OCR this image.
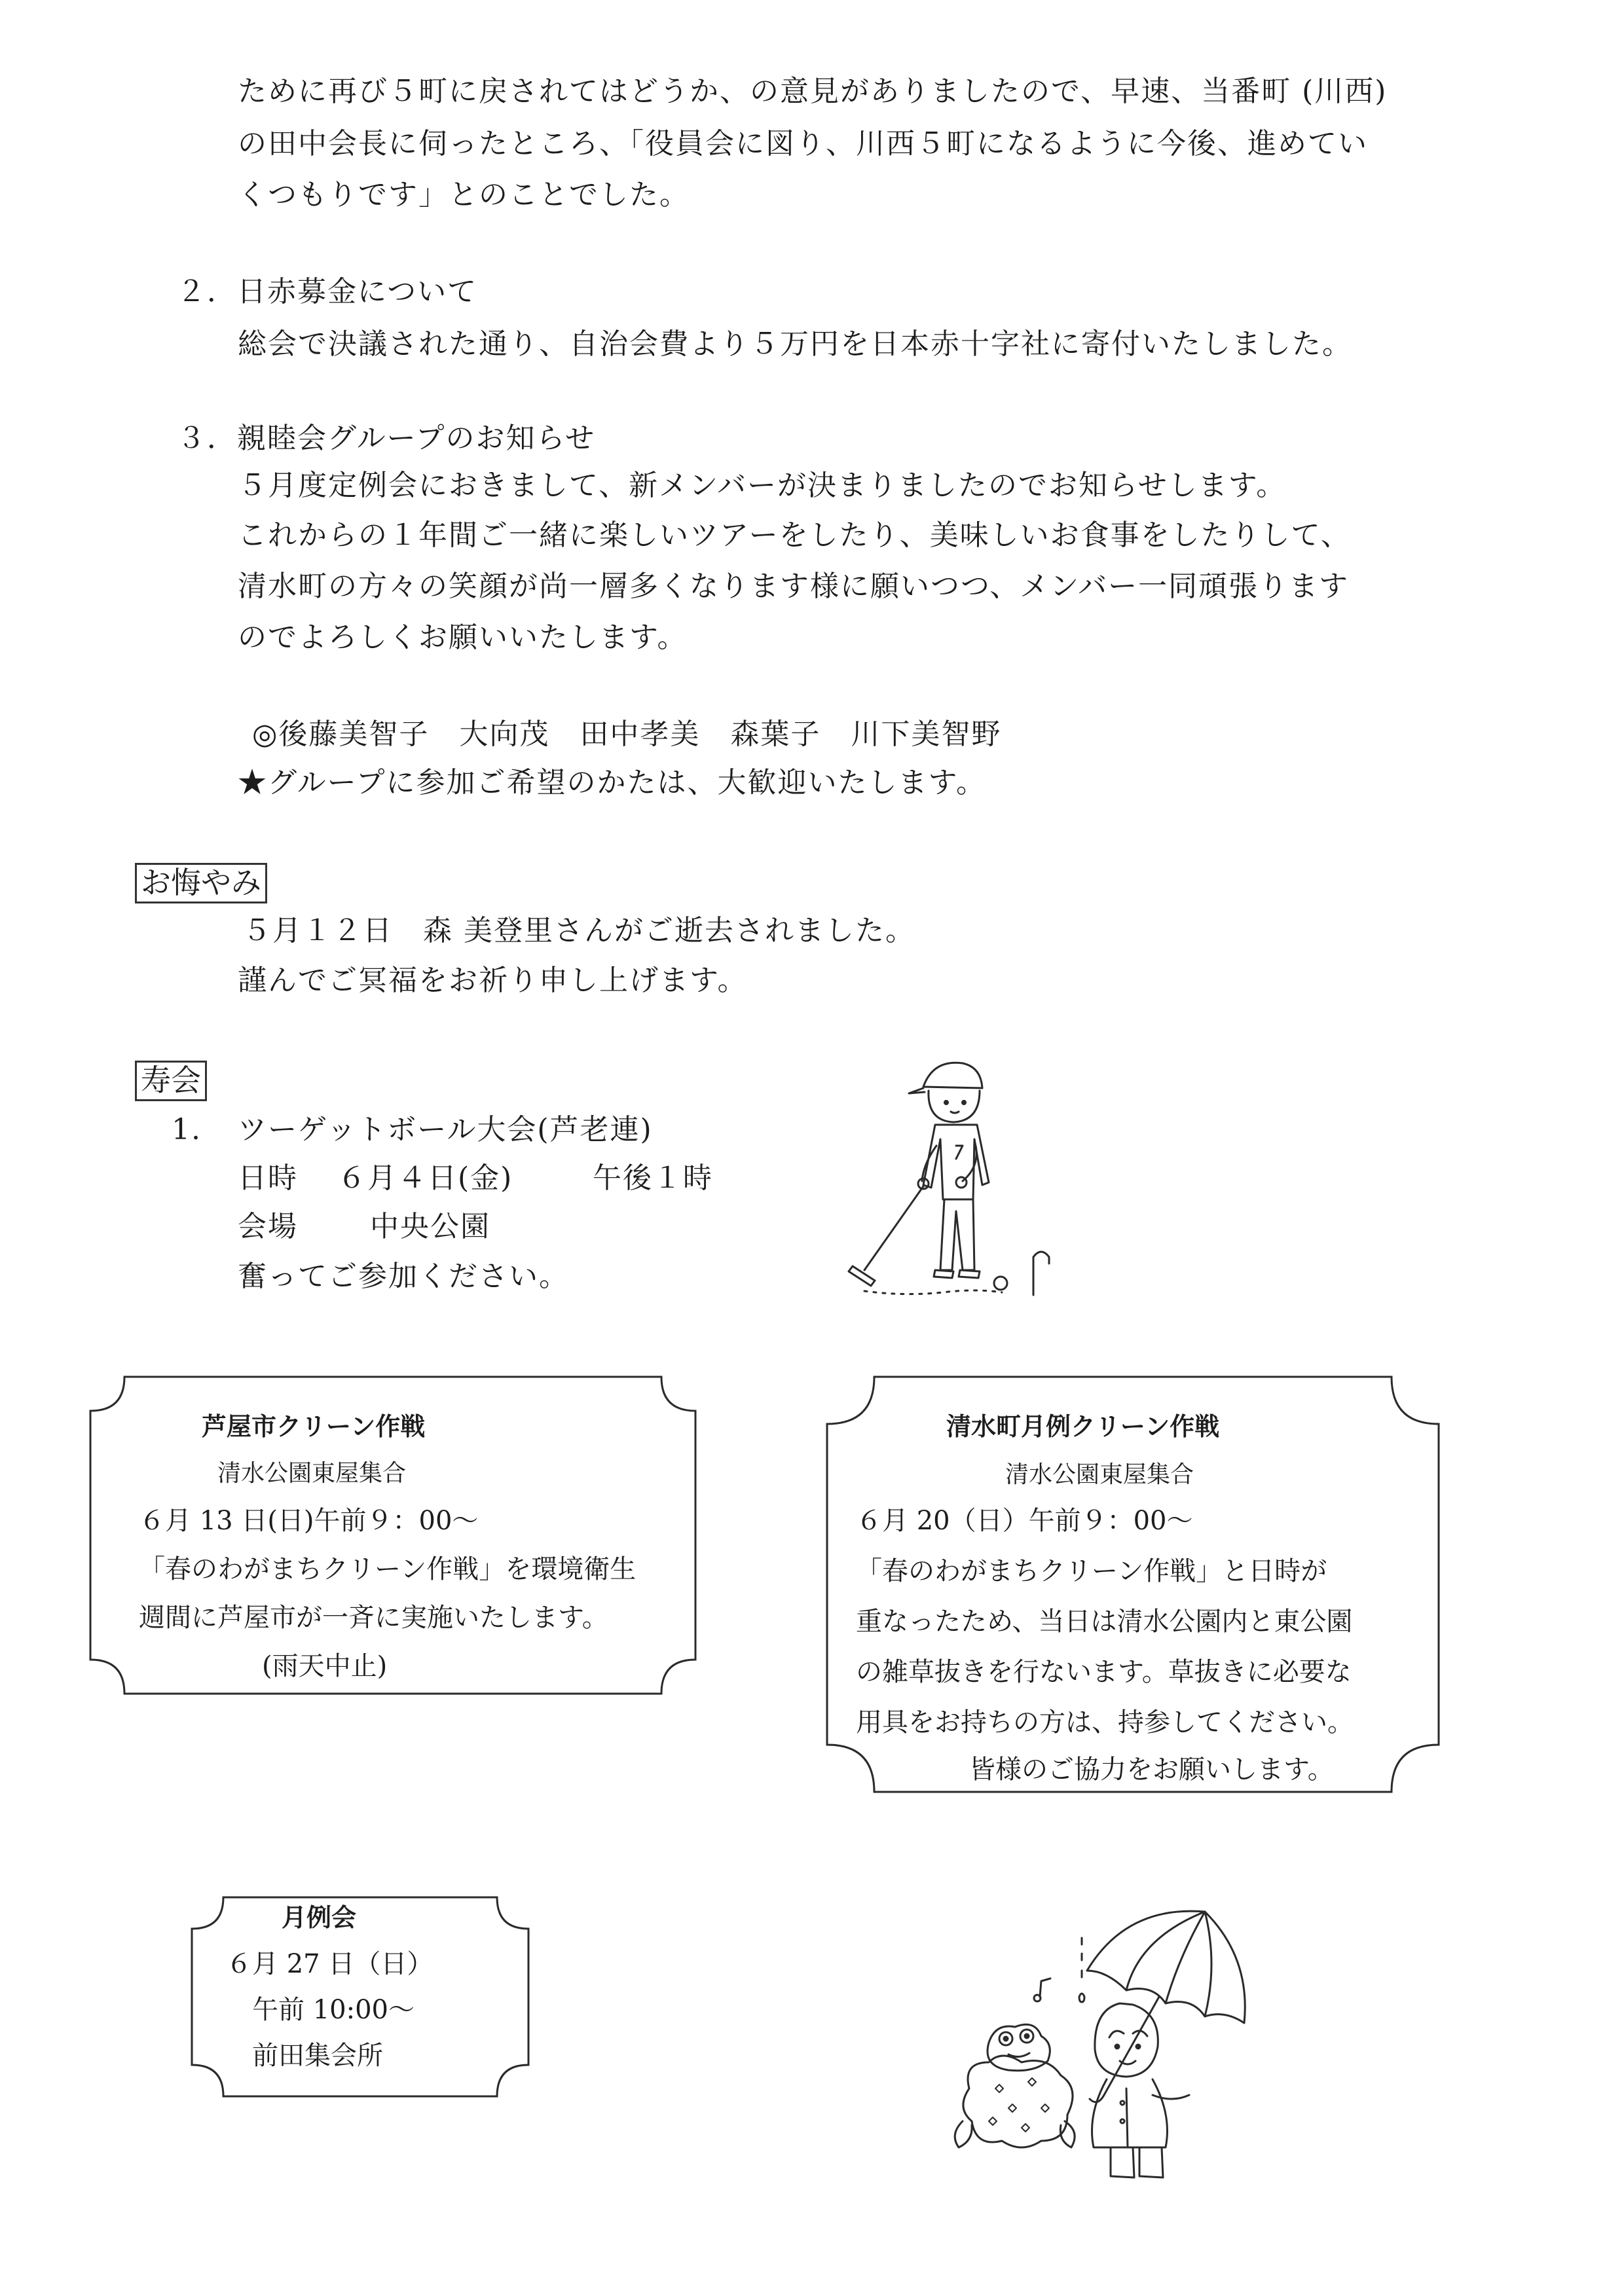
ために再び５町に戻されてはどうか、の意見がありましたので、早速、当番町 (川西)
の田中会長に伺ったところ、「役員会に図り、川西５町になるように今後、進めてい
くつもりです」とのことでした。
２．日赤募金について
総会で決議された通り、自治会費より５万円を日本赤十字社に寄付いたしました。
３．親睦会グループのお知らせ
５月度定例会におきまして、新メンバーが決まりましたのでお知らせします。
これからの１年間ご一緒に楽しいツアーをしたり、美味しいお食事をしたりして、
清水町の方々の笑顔が尚一層多くなります様に願いつつ、メンバー一同頑張ります
のでよろしくお願いいたします。
◎後藤美智子　大向茂　田中孝美　森葉子　川下美智野
★グループに参加ご希望のかたは、大歓迎いたします。
お悔やみ
５月１２日　森 美登里さんがご逝去されました。
謹んでご冥福をお祈り申し上げます。
寿会
1. ツーゲットボール大会(芦老連)
日時 ６月４日(金)	午後１時
会場	中央公園
奮ってご参加ください。
芦屋市クリーン作戦
清水公園東屋集合
６月 13 日(日)午前９：00～
「春のわがまちクリーン作戦」を環境衛生
週間に芦屋市が一斉に実施いたします。
(雨天中止)
清水町月例クリーン作戦
清水公園東屋集合
６月 20（日）午前９：00～
「春のわがまちクリーン作戦」と日時が
重なったため、当日は清水公園内と東公園
の雑草抜きを行ないます。草抜きに必要な
用具をお持ちの方は、持参してください。
皆様のご協力をお願いします。
月例会
６月 27 日（日）
午前 10:00～
前田集会所
